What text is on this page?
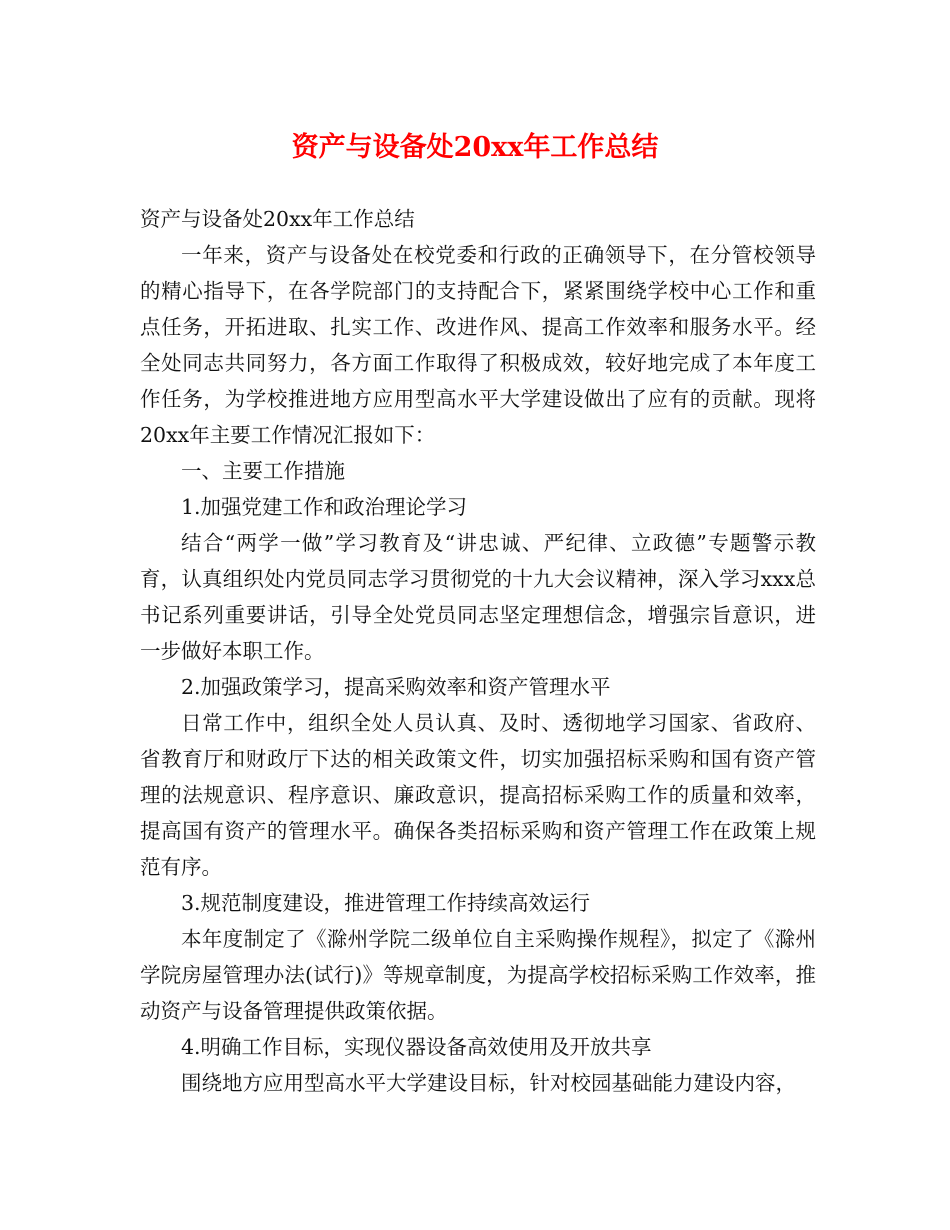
资产与设备处20xx年工作总结

资产与设备处20xx年工作总结

一年来，资产与设备处在校党委和行政的正确领导下，在分管校领导的精心指导下，在各学院部门的支持配合下，紧紧围绕学校中心工作和重点任务，开拓进取、扎实工作、改进作风、提高工作效率和服务水平。经全处同志共同努力，各方面工作取得了积极成效，较好地完成了本年度工作任务，为学校推进地方应用型高水平大学建设做出了应有的贡献。现将20xx年主要工作情况汇报如下：

一、主要工作措施

1.加强党建工作和政治理论学习

结合“两学一做”学习教育及“讲忠诚、严纪律、立政德”专题警示教育，认真组织处内党员同志学习贯彻党的十九大会议精神，深入学习xxx总书记系列重要讲话，引导全处党员同志坚定理想信念，增强宗旨意识，进一步做好本职工作。

2.加强政策学习，提高采购效率和资产管理水平

日常工作中，组织全处人员认真、及时、透彻地学习国家、省政府、省教育厅和财政厅下达的相关政策文件，切实加强招标采购和国有资产管理的法规意识、程序意识、廉政意识，提高招标采购工作的质量和效率，提高国有资产的管理水平。确保各类招标采购和资产管理工作在政策上规范有序。

3.规范制度建设，推进管理工作持续高效运行

本年度制定了《滁州学院二级单位自主采购操作规程》，拟定了《滁州学院房屋管理办法(试行)》等规章制度，为提高学校招标采购工作效率，推动资产与设备管理提供政策依据。

4.明确工作目标，实现仪器设备高效使用及开放共享

围绕地方应用型高水平大学建设目标，针对校园基础能力建设内容，
